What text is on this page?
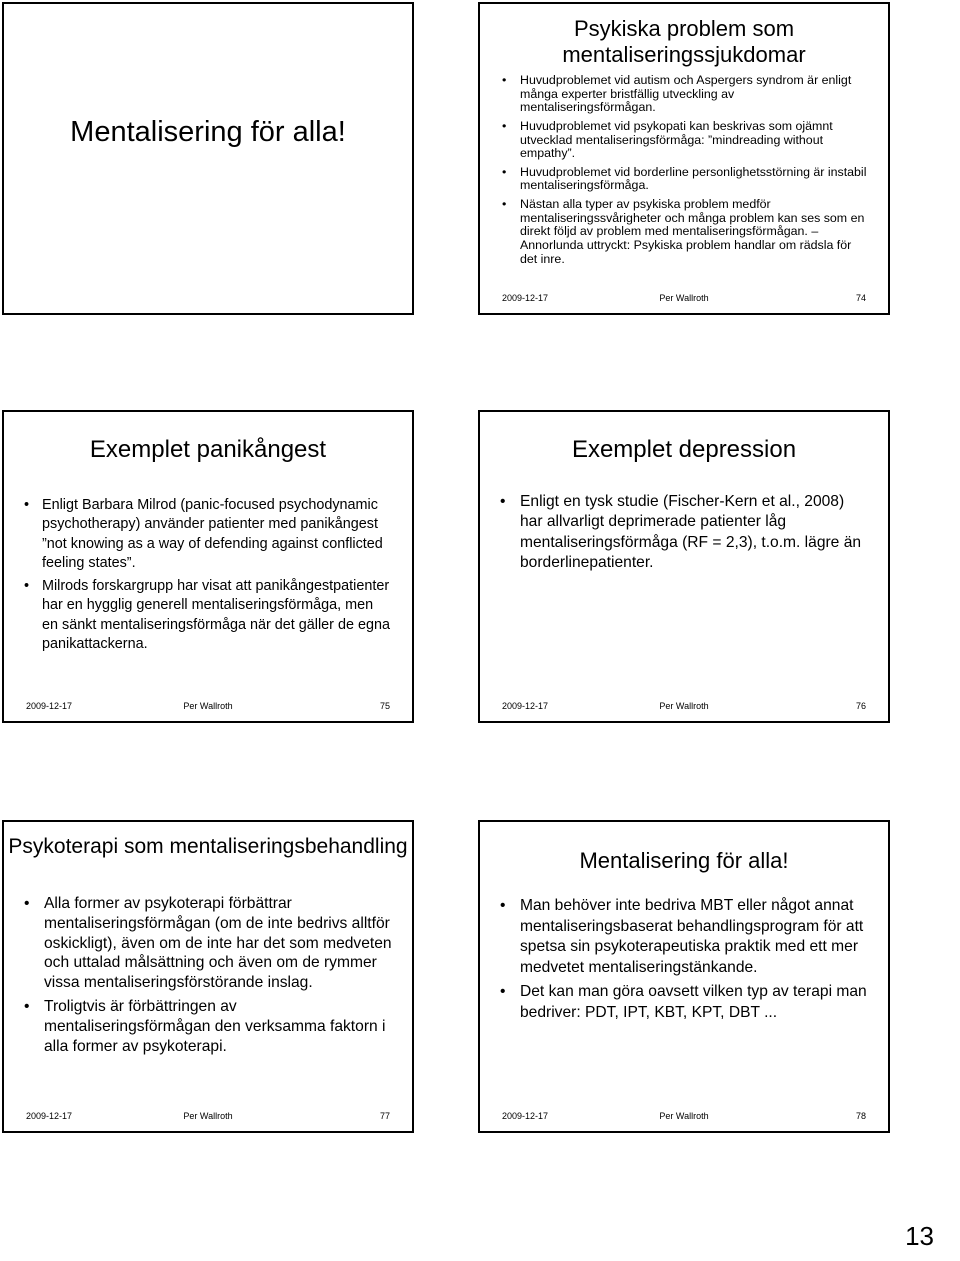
Mentalisering för alla!
Psykiska problem som mentaliseringssjukdomar
• Huvudproblemet vid autism och Aspergers syndrom är enligt många experter bristfällig utveckling av mentaliseringsförmågan.
• Huvudproblemet vid psykopati kan beskrivas som ojämnt utvecklad mentaliseringsförmåga: ”mindreading without empathy”.
• Huvudproblemet vid borderline personlighetsstörning är instabil mentaliseringsförmåga.
• Nästan alla typer av psykiska problem medför mentaliseringssvårigheter och många problem kan ses som en direkt följd av problem med mentaliseringsförmågan. – Annorlunda uttryckt: Psykiska problem handlar om rädsla för det inre.
2009-12-17	Per Wallroth	74
Exemplet panikångest
• Enligt Barbara Milrod (panic-focused psychodynamic psychotherapy) använder patienter med panikångest ”not knowing as a way of defending against conflicted feeling states”.
• Milrods forskargrupp har visat att panikångestpatienter har en hygglig generell mentaliseringsförmåga, men en sänkt mentaliseringsförmåga när det gäller de egna panikattackerna.
2009-12-17	Per Wallroth	75
Exemplet depression
• Enligt en tysk studie (Fischer-Kern et al., 2008) har allvarligt deprimerade patienter låg mentaliseringsförmåga (RF = 2,3), t.o.m. lägre än borderlinepatienter.
2009-12-17	Per Wallroth	76
Psykoterapi som mentaliseringsbehandling
• Alla former av psykoterapi förbättrar mentaliseringsförmågan (om de inte bedrivs alltför oskickligt), även om de inte har det som medveten och uttalad målsättning och även om de rymmer vissa mentaliseringsförstörande inslag.
• Troligtvis är förbättringen av mentaliseringsförmågan den verksamma faktorn i alla former av psykoterapi.
2009-12-17	Per Wallroth	77
Mentalisering för alla!
• Man behöver inte bedriva MBT eller något annat mentaliseringsbaserat behandlingsprogram för att spetsa sin psykoterapeutiska praktik med ett mer medvetet mentaliseringstänkande.
• Det kan man göra oavsett vilken typ av terapi man bedriver: PDT, IPT, KBT, KPT, DBT ...
2009-12-17	Per Wallroth	78
13
